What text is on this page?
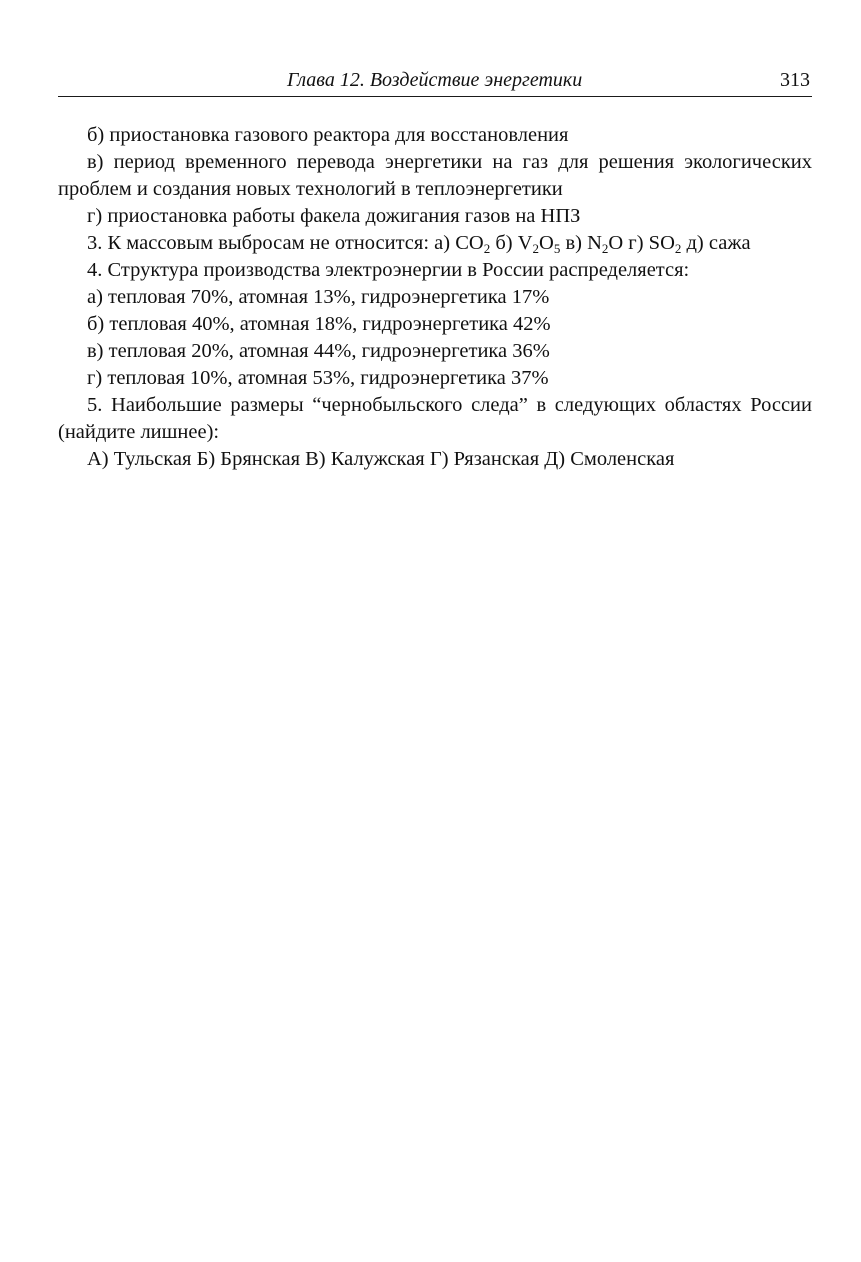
Глава 12. Воздействие энергетики	313

б) приостановка газового реактора для восстановления

в) период временного перевода энергетики на газ для решения экологических проблем и создания новых технологий в теплоэнергетики

г) приостановка работы факела дожигания газов на НПЗ

3. К массовым выбросам не относится: а) $СО_2$ б) $V_2O_5$ в) $N_2O$ г) $SO_2$ д) сажа

4. Структура производства электроэнергии в России распределяется:

а) тепловая 70%, атомная 13%, гидроэнергетика 17%

б) тепловая 40%, атомная 18%, гидроэнергетика 42%

в) тепловая 20%, атомная 44%, гидроэнергетика 36%

г) тепловая 10%, атомная 53%, гидроэнергетика 37%

5. Наибольшие размеры “чернобыльского следа” в следующих областях России (найдите лишнее):

А) Тульская Б) Брянская В) Калужская Г) Рязанская Д) Смоленская
